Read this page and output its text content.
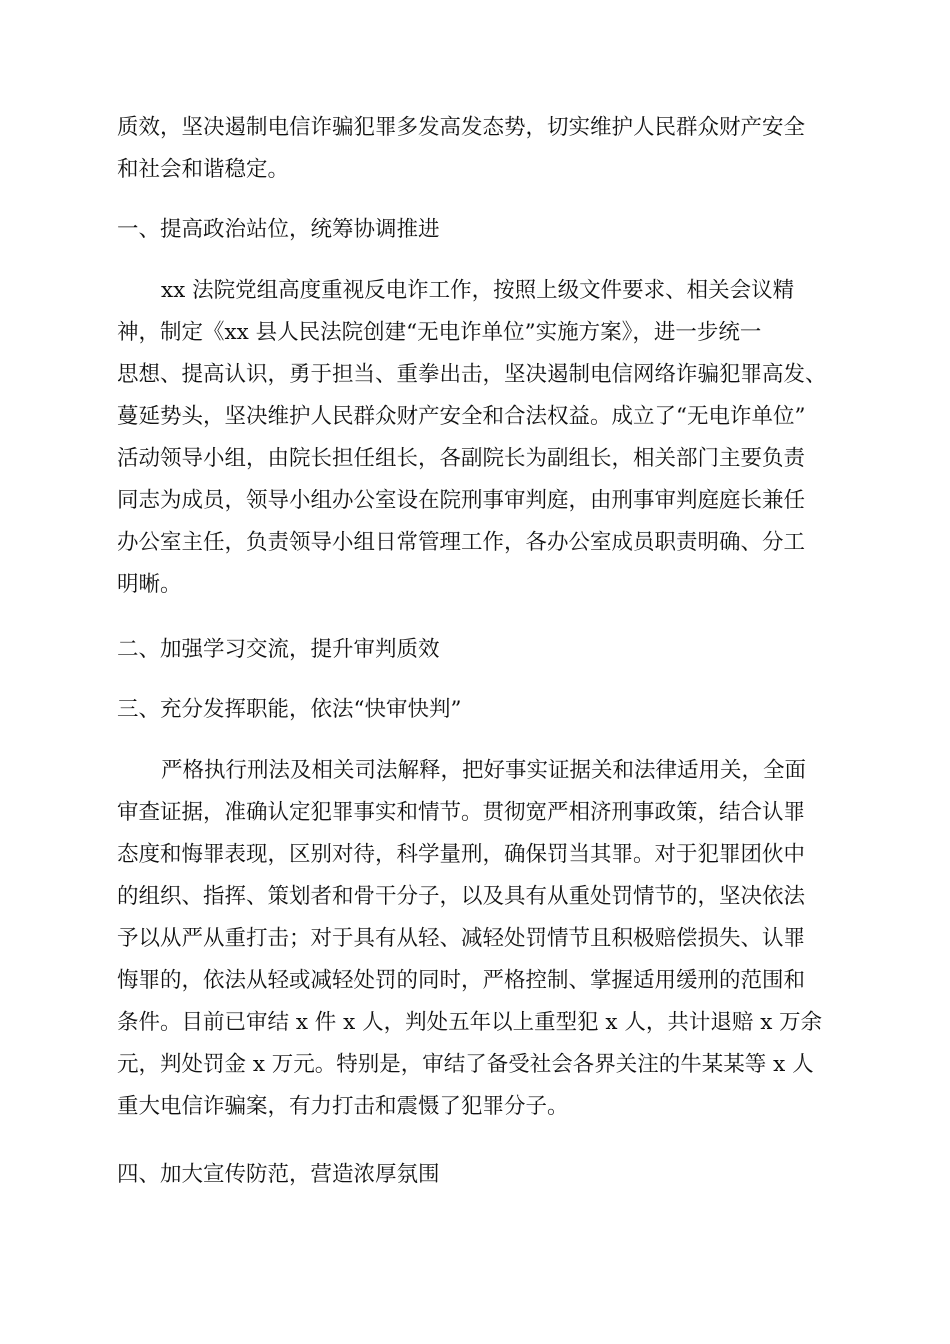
质效，坚决遏制电信诈骗犯罪多发高发态势，切实维护人民群众财产安全
和社会和谐稳定。
一、提高政治站位，统筹协调推进
xx 法院党组高度重视反电诈工作，按照上级文件要求、相关会议精
神，制定《xx 县人民法院创建“无电诈单位”实施方案》，进一步统一
思想、提高认识，勇于担当、重拳出击，坚决遏制电信网络诈骗犯罪高发、
蔓延势头，坚决维护人民群众财产安全和合法权益。成立了“无电诈单位”
活动领导小组，由院长担任组长，各副院长为副组长，相关部门主要负责
同志为成员，领导小组办公室设在院刑事审判庭，由刑事审判庭庭长兼任
办公室主任，负责领导小组日常管理工作，各办公室成员职责明确、分工
明晰。
二、加强学习交流，提升审判质效
三、充分发挥职能，依法“快审快判”
严格执行刑法及相关司法解释，把好事实证据关和法律适用关，全面
审查证据，准确认定犯罪事实和情节。贯彻宽严相济刑事政策，结合认罪
态度和悔罪表现，区别对待，科学量刑，确保罚当其罪。对于犯罪团伙中
的组织、指挥、策划者和骨干分子，以及具有从重处罚情节的，坚决依法
予以从严从重打击；对于具有从轻、减轻处罚情节且积极赔偿损失、认罪
悔罪的，依法从轻或减轻处罚的同时，严格控制、掌握适用缓刑的范围和
条件。目前已审结 x 件 x 人，判处五年以上重型犯 x 人，共计退赔 x 万余
元，判处罚金 x 万元。特别是，审结了备受社会各界关注的牛某某等 x 人
重大电信诈骗案，有力打击和震慑了犯罪分子。
四、加大宣传防范，营造浓厚氛围
